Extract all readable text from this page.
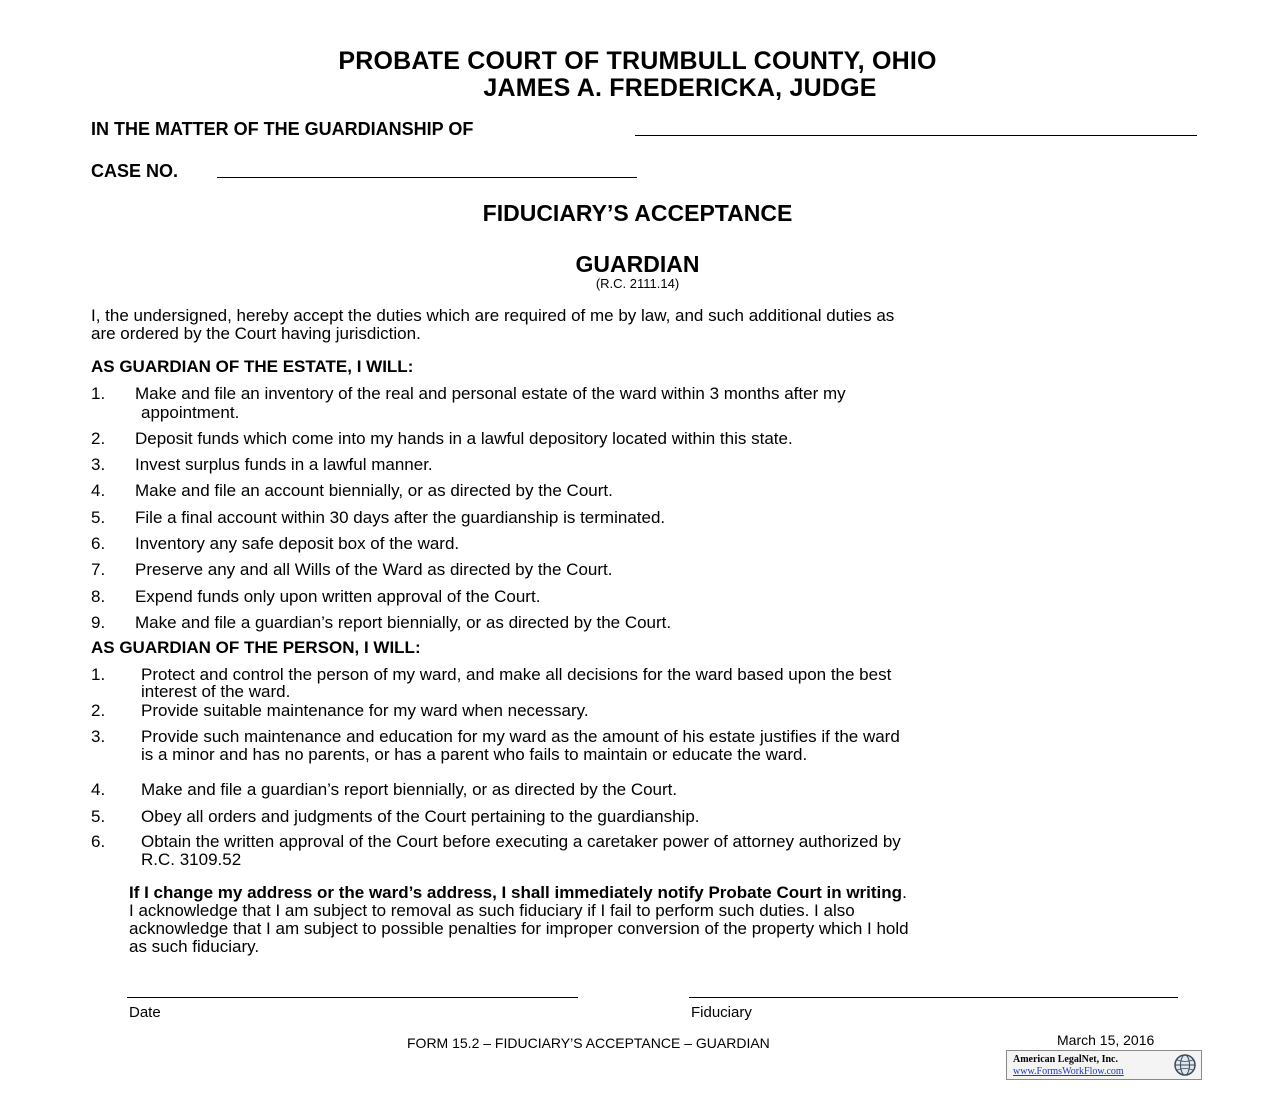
PROBATE COURT OF TRUMBULL COUNTY, OHIO
JAMES A. FREDERICKA, JUDGE
IN THE MATTER OF THE GUARDIANSHIP OF
CASE NO.
FIDUCIARY’S ACCEPTANCE
GUARDIAN
(R.C. 2111.14)
I, the undersigned, hereby accept the duties which are required of me by law, and such additional duties as
are ordered by the Court having jurisdiction.
AS GUARDIAN OF THE ESTATE, I WILL:
1. Make and file an inventory of the real and personal estate of the ward within 3 months after my
appointment.
2. Deposit funds which come into my hands in a lawful depository located within this state.
3. Invest surplus funds in a lawful manner.
4. Make and file an account biennially, or as directed by the Court.
5. File a final account within 30 days after the guardianship is terminated.
6. Inventory any safe deposit box of the ward.
7. Preserve any and all Wills of the Ward as directed by the Court.
8. Expend funds only upon written approval of the Court.
9. Make and file a guardian’s report biennially, or as directed by the Court.
AS GUARDIAN OF THE PERSON, I WILL:
1. Protect and control the person of my ward, and make all decisions for the ward based upon the best
interest of the ward.
2. Provide suitable maintenance for my ward when necessary.
3. Provide such maintenance and education for my ward as the amount of his estate justifies if the ward
is a minor and has no parents, or has a parent who fails to maintain or educate the ward.
4. Make and file a guardian’s report biennially, or as directed by the Court.
5. Obey all orders and judgments of the Court pertaining to the guardianship.
6. Obtain the written approval of the Court before executing a caretaker power of attorney authorized by
R.C. 3109.52
If I change my address or the ward’s address, I shall immediately notify Probate Court in writing.
I acknowledge that I am subject to removal as such fiduciary if I fail to perform such duties. I also
acknowledge that I am subject to possible penalties for improper conversion of the property which I hold
as such fiduciary.
Date	Fiduciary
FORM 15.2 – FIDUCIARY’S ACCEPTANCE – GUARDIAN	March 15, 2016
American LegalNet, Inc.
www.FormsWorkFlow.com
